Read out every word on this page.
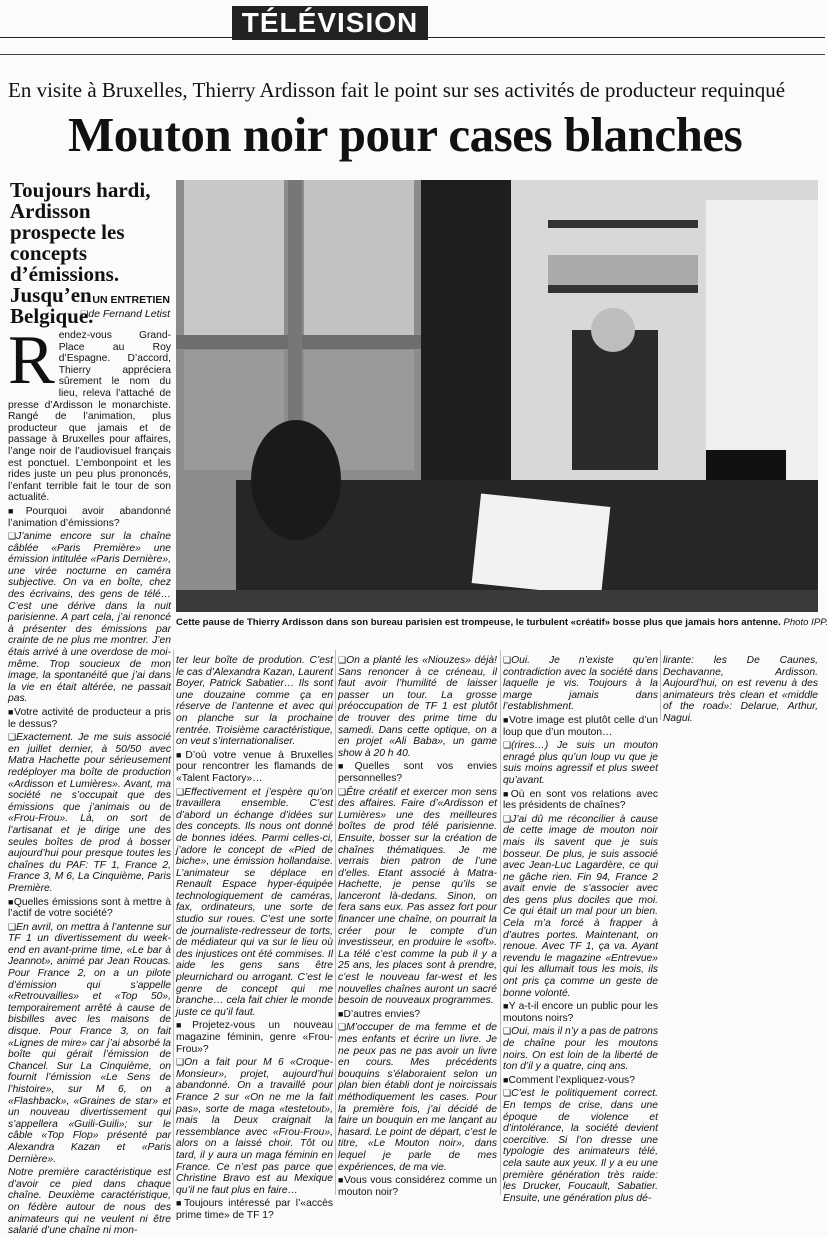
TÉLÉVISION
En visite à Bruxelles, Thierry Ardisson fait le point sur ses activités de producteur requinqué
Mouton noir pour cases blanches
Toujours hardi, Ardisson prospecte les concepts d’émissions. Jusqu’en Belgique.
UN ENTRETIEN
❑ de Fernand Letist
Cette pause de Thierry Ardisson dans son bureau parisien est trompeuse, le turbulent «créatif» bosse plus que jamais hors antenne. Photo IPP.

Rendez-vous Grand-Place au Roy d’Espagne. D’accord, Thierry appréciera sûrement le nom du lieu, releva l’attaché de presse d’Ardisson le monarchiste. Rangé de l’animation, plus producteur que jamais et de passage à Bruxelles pour affaires, l’ange noir de l’audiovisuel français est ponctuel. L’embonpoint et les rides juste un peu plus prononcés, l’enfant terrible fait le tour de son actualité.

■ Pourquoi avoir abandonné l’animation d’émissions?

❑ J’anime encore sur la chaîne câblée «Paris Première» une émission intitulée «Paris Dernière», une virée nocturne en caméra subjective. On va en boîte, chez des écrivains, des gens de télé… C’est une dérive dans la nuit parisienne. A part cela, j’ai renoncé à présenter des émissions par crainte de ne plus me montrer. J’en étais arrivé à une overdose de moi-même. Trop soucieux de mon image, la spontanéité que j’ai dans la vie en était altérée, ne passait pas.

■ Votre activité de producteur a pris le dessus?

❑ Exactement. Je me suis associé en juillet dernier, à 50/50 avec Matra Hachette pour sérieusement redéployer ma boîte de production «Ardisson et Lumières». Avant, ma société ne s’occupait que des émissions que j’animais ou de «Frou-Frou». Là, on sort de l’artisanat et je dirige une des seules boîtes de prod à bosser aujourd’hui pour presque toutes les chaînes du PAF: TF 1, France 2, France 3, M 6, La Cinquième, Paris Première.

■ Quelles émissions sont à mettre à l’actif de votre société?

❑ En avril, on mettra à l’antenne sur TF 1 un divertissement du week-end en avant-prime time, «Le bar à Jeannot», animé par Jean Roucas. Pour France 2, on a un pilote d’émission qui s’appelle «Retrouvailles» et «Top 50», temporairement arrêté à cause de bisbilles avec les maisons de disque. Pour France 3, on fait «Lignes de mire» car j’ai absorbé la boîte qui gérait l’émission de Chancel. Sur La Cinquième, on fournit l’émission «Le Sens de l’histoire», sur M 6, on a «Flashback», «Graines de star» et un nouveau divertissement qui s’appellera «Guili-Guili»; sur le câble «Top Flop» présenté par Alexandra Kazan et «Paris Dernière».

Notre première caractéristique est d’avoir ce pied dans chaque chaîne. Deuxième caractéristique, on fédère autour de nous des animateurs qui ne veulent ni être salarié d’une chaîne ni mon-

ter leur boîte de prodution. C’est le cas d’Alexandra Kazan, Laurent Boyer, Patrick Sabatier… Ils sont une douzaine comme ça en réserve de l’antenne et avec qui on planche sur la prochaine rentrée. Troisième caractéristique, on veut s’internationaliser.

■ D’où votre venue à Bruxelles pour rencontrer les flamands de «Talent Factory»…

❑ Effectivement et j’espère qu’on travaillera ensemble. C’est d’abord un échange d’idées sur des concepts. Ils nous ont donné de bonnes idées. Parmi celles-ci, j’adore le concept de «Pied de biche», une émission hollandaise. L’animateur se déplace en Renault Espace hyper-équipée technologiquement de caméras, fax, ordinateurs, une sorte de studio sur roues. C’est une sorte de journaliste-redresseur de torts, de médiateur qui va sur le lieu où des injustices ont été commises. Il aide les gens sans être pleurnichard ou arrogant. C’est le genre de concept qui me branche… cela fait chier le monde juste ce qu’il faut.

■ Projetez-vous un nouveau magazine féminin, genre «Frou-Frou»?

❑ On a fait pour M 6 «Croque-Monsieur», projet, aujourd’hui abandonné. On a travaillé pour France 2 sur «On ne me la fait pas», sorte de maga «testetout», mais la Deux craignait la ressemblance avec «Frou-Frou», alors on a laissé choir. Tôt ou tard, il y aura un maga féminin en France. Ce n’est pas parce que Christine Bravo est au Mexique qu’il ne faut plus en faire…

■ Toujours intéressé par l’«accès prime time» de TF 1?

❑ On a planté les «Niouzes» déjà! Sans renoncer à ce créneau, il faut avoir l’humilité de laisser passer un tour. La grosse préoccupation de TF 1 est plutôt de trouver des prime time du samedi. Dans cette optique, on a en projet «Ali Baba», un game show à 20 h 40.

■ Quelles sont vos envies personnelles?

❑ Être créatif et exercer mon sens des affaires. Faire d’«Ardisson et Lumières» une des meilleures boîtes de prod télé parisienne. Ensuite, bosser sur la création de chaînes thématiques. Je me verrais bien patron de l’une d’elles. Etant associé à Matra-Hachette, je pense qu’ils se lanceront là-dedans. Sinon, on fera sans eux. Pas assez fort pour financer une chaîne, on pourrait la créer pour le compte d’un investisseur, en produire le «soft». La télé c’est comme la pub il y a 25 ans, les places sont à prendre, c’est le nouveau far-west et les nouvelles chaînes auront un sacré besoin de nouveaux programmes.

■ D’autres envies?

❑ M’occuper de ma femme et de mes enfants et écrire un livre. Je ne peux pas ne pas avoir un livre en cours. Mes précédents bouquins s’élaboraient selon un plan bien établi dont je noircissais méthodiquement les cases. Pour la première fois, j’ai décidé de faire un bouquin en me lançant au hasard. Le point de départ, c’est le titre, «Le Mouton noir», dans lequel je parle de mes expériences, de ma vie.

■ Vous vous considérez comme un mouton noir?

❑ Oui. Je n’existe qu’en contradiction avec la société dans laquelle je vis. Toujours à la marge jamais dans l’establishment.

■ Votre image est plutôt celle d’un loup que d’un mouton…

❑ (rires…) Je suis un mouton enragé plus qu’un loup vu que je suis moins agressif et plus sweet qu’avant.

■ Où en sont vos relations avec les présidents de chaînes?

❑ J’ai dû me réconcilier à cause de cette image de mouton noir mais ils savent que je suis bosseur. De plus, je suis associé avec Jean-Luc Lagardère, ce qui ne gâche rien. Fin 94, France 2 avait envie de s’associer avec des gens plus dociles que moi. Ce qui était un mal pour un bien. Cela m’a forcé à frapper à d’autres portes. Maintenant, on renoue. Avec TF 1, ça va. Ayant revendu le magazine «Entrevue» qui les allumait tous les mois, ils ont pris ça comme un geste de bonne volonté.

■ Y a-t-il encore un public pour les moutons noirs?

❑ Oui, mais il n’y a pas de patrons de chaîne pour les moutons noirs. On est loin de la liberté de ton d’il y a quatre, cinq ans.

■ Comment l’expliquez-vous?

❑ C’est le politiquement correct. En temps de crise, dans une époque de violence et d’intolérance, la société devient coercitive. Si l’on dresse une typologie des animateurs télé, cela saute aux yeux. Il y a eu une première génération très raide: les Drucker, Foucault, Sabatier. Ensuite, une génération plus dé-

lirante: les De Caunes, Dechavanne, Ardisson. Aujourd’hui, on est revenu à des animateurs très clean et «middle of the road»: Delarue, Arthur, Nagui.
